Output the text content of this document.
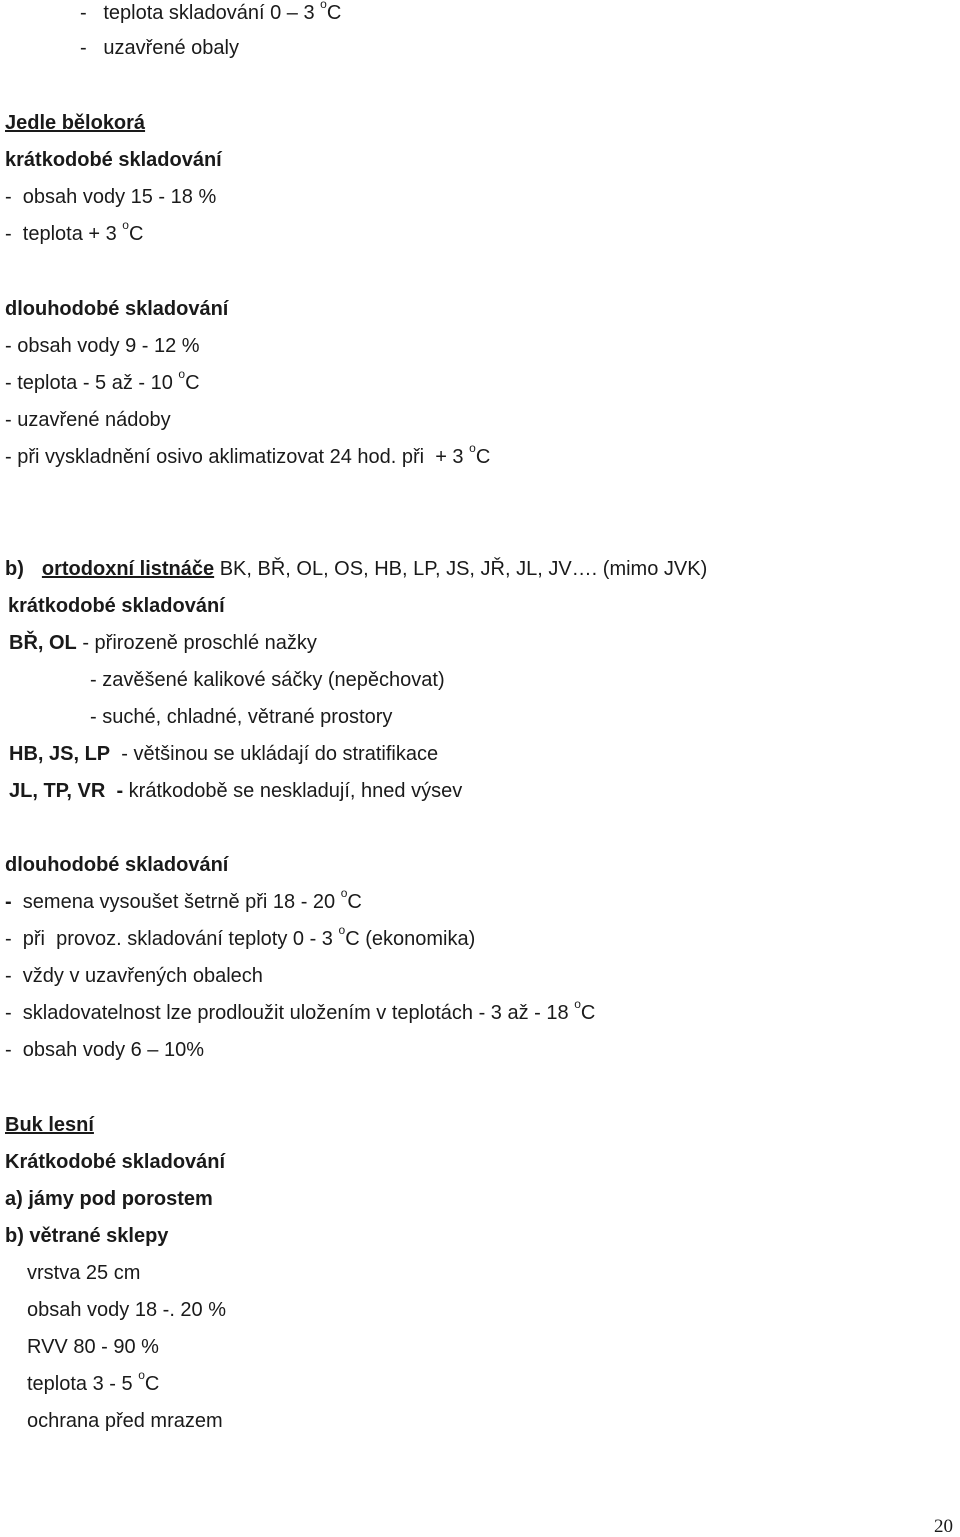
-   teplota skladování 0 – 3 $^o$C
-   uzavřené obaly
Jedle bělokorá
krátkodobé skladování
-  obsah vody 15 - 18 %
-  teplota + 3 $^o$C
dlouhodobé skladování
- obsah vody 9 - 12 %
- teplota - 5 až - 10 $^o$C
- uzavřené nádoby
- při vyskladnění osivo aklimatizovat 24 hod. při  + 3 $^o$C
b) ortodoxní listnáče BK, BŘ, OL, OS, HB, LP, JS, JŘ, JL, JV…. (mimo JVK)
krátkodobé skladování
BŘ, OL - přirozeně proschlé nažky
- zavěšené kalikové sáčky (nepěchovat)
- suché, chladné, větrané prostory
HB, JS, LP  - většinou se ukládají do stratifikace
JL, TP, VR  - krátkodobě se neskladují, hned výsev
dlouhodobé skladování
-  semena vysoušet šetrně při 18 - 20 $^o$C
-  při  provoz. skladování teploty 0 - 3 $^o$C (ekonomika)
-  vždy v uzavřených obalech
-  skladovatelnost lze prodloužit uložením v teplotách - 3 až - 18 $^o$C
-  obsah vody 6 – 10%
Buk lesní
Krátkodobé skladování
a) jámy pod porostem
b) větrané sklepy
vrstva 25 cm
obsah vody 18 -. 20 %
RVV 80 - 90 %
teplota 3 - 5 $^o$C
ochrana před mrazem
20
